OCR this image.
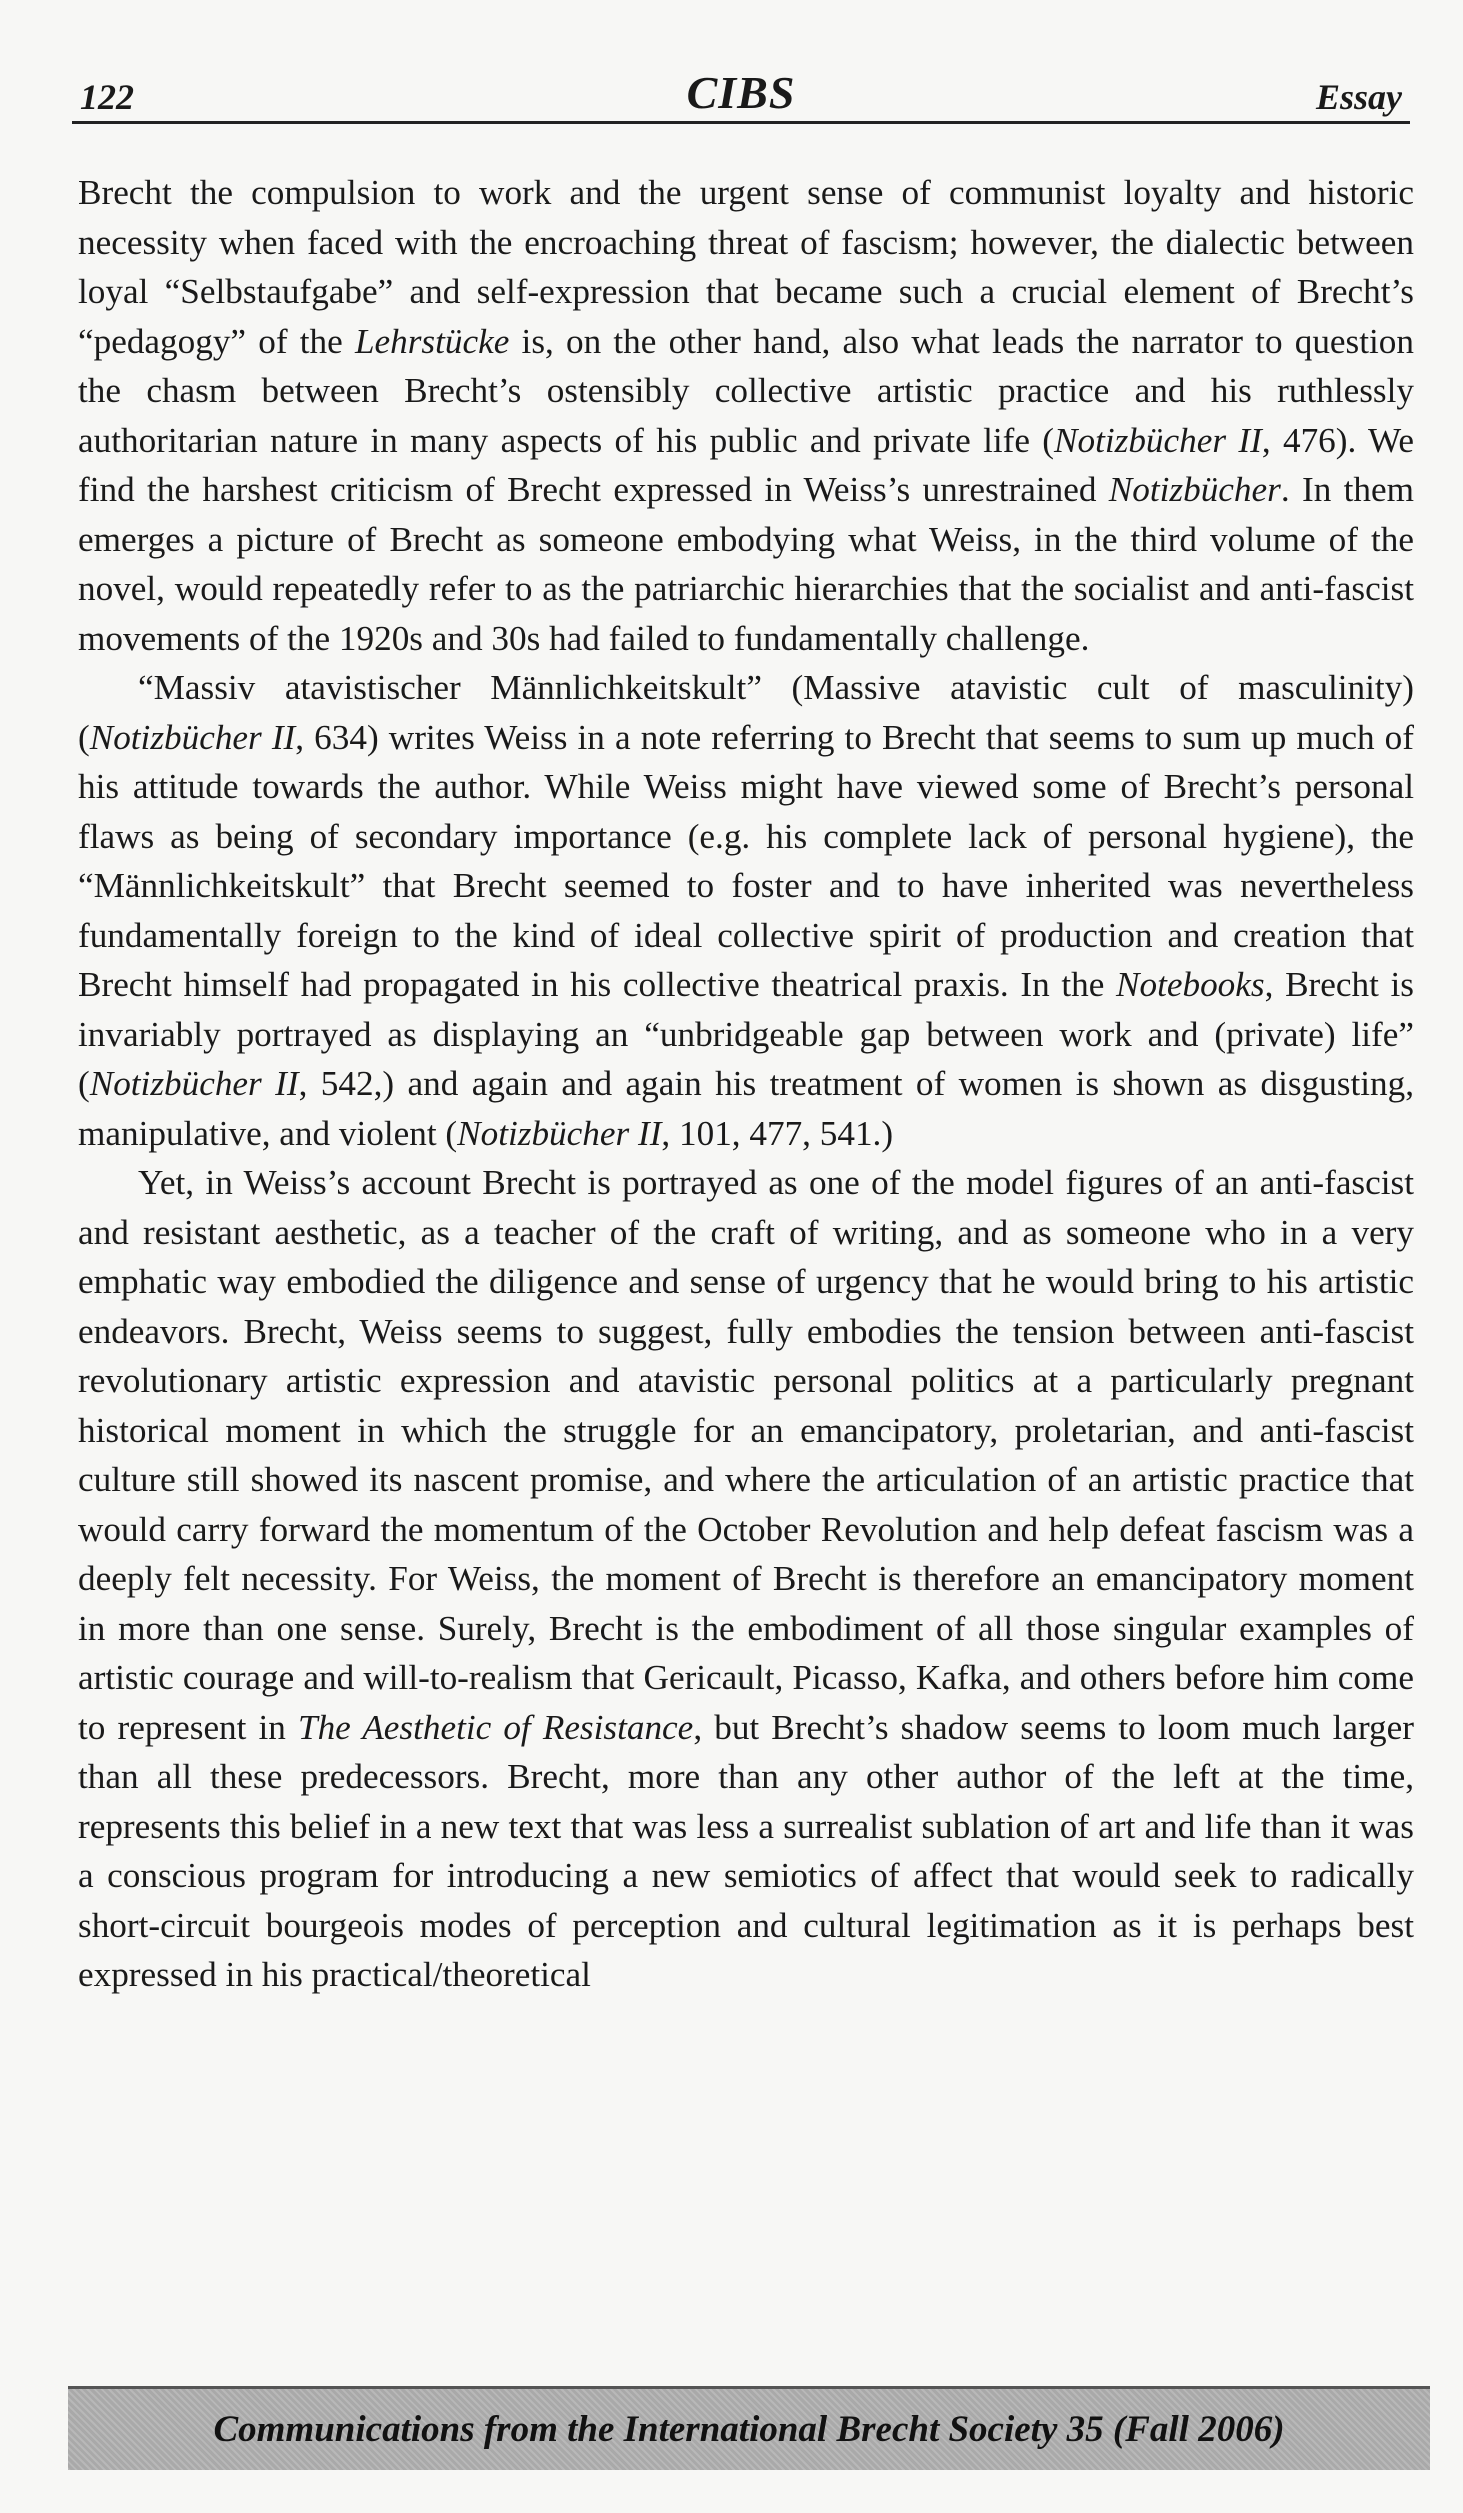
122	CIBS	Essay

Brecht the compulsion to work and the urgent sense of communist loyalty and historic necessity when faced with the encroaching threat of fascism; however, the dialectic between loyal “Selbstaufgabe” and self-expression that became such a crucial element of Brecht’s “pedagogy” of the Lehrstücke is, on the other hand, also what leads the narrator to question the chasm between Brecht’s ostensibly collective artistic practice and his ruthlessly authoritarian nature in many aspects of his public and private life (Notizbücher II, 476). We find the harshest criticism of Brecht expressed in Weiss’s unrestrained Notizbücher. In them emerges a picture of Brecht as someone embodying what Weiss, in the third volume of the novel, would repeatedly refer to as the patriarchic hierarchies that the socialist and anti-fascist movements of the 1920s and 30s had failed to fundamentally challenge.

“Massiv atavistischer Männlichkeitskult” (Massive atavistic cult of masculinity) (Notizbücher II, 634) writes Weiss in a note referring to Brecht that seems to sum up much of his attitude towards the author. While Weiss might have viewed some of Brecht’s personal flaws as being of secondary importance (e.g. his complete lack of personal hygiene), the “Männlichkeitskult” that Brecht seemed to foster and to have inherited was nevertheless fundamentally foreign to the kind of ideal collective spirit of production and creation that Brecht himself had propagated in his collective theatrical praxis. In the Notebooks, Brecht is invariably portrayed as displaying an “unbridgeable gap between work and (private) life” (Notizbücher II, 542,) and again and again his treatment of women is shown as disgusting, manipulative, and violent (Notizbücher II, 101, 477, 541.)

Yet, in Weiss’s account Brecht is portrayed as one of the model figures of an anti-fascist and resistant aesthetic, as a teacher of the craft of writing, and as someone who in a very emphatic way embodied the diligence and sense of urgency that he would bring to his artistic endeavors. Brecht, Weiss seems to suggest, fully embodies the tension between anti-fascist revolutionary artistic expression and atavistic personal politics at a particularly pregnant historical moment in which the struggle for an emancipatory, proletarian, and anti-fascist culture still showed its nascent promise, and where the articulation of an artistic practice that would carry forward the momentum of the October Revolution and help defeat fascism was a deeply felt necessity. For Weiss, the moment of Brecht is therefore an emancipatory moment in more than one sense. Surely, Brecht is the embodiment of all those singular examples of artistic courage and will-to-realism that Gericault, Picasso, Kafka, and others before him come to represent in The Aesthetic of Resistance, but Brecht’s shadow seems to loom much larger than all these predecessors. Brecht, more than any other author of the left at the time, represents this belief in a new text that was less a surrealist sublation of art and life than it was a conscious program for introducing a new semiotics of affect that would seek to radically short-circuit bourgeois modes of perception and cultural legitimation as it is perhaps best expressed in his practical/theoretical

Communications from the International Brecht Society 35 (Fall 2006)
